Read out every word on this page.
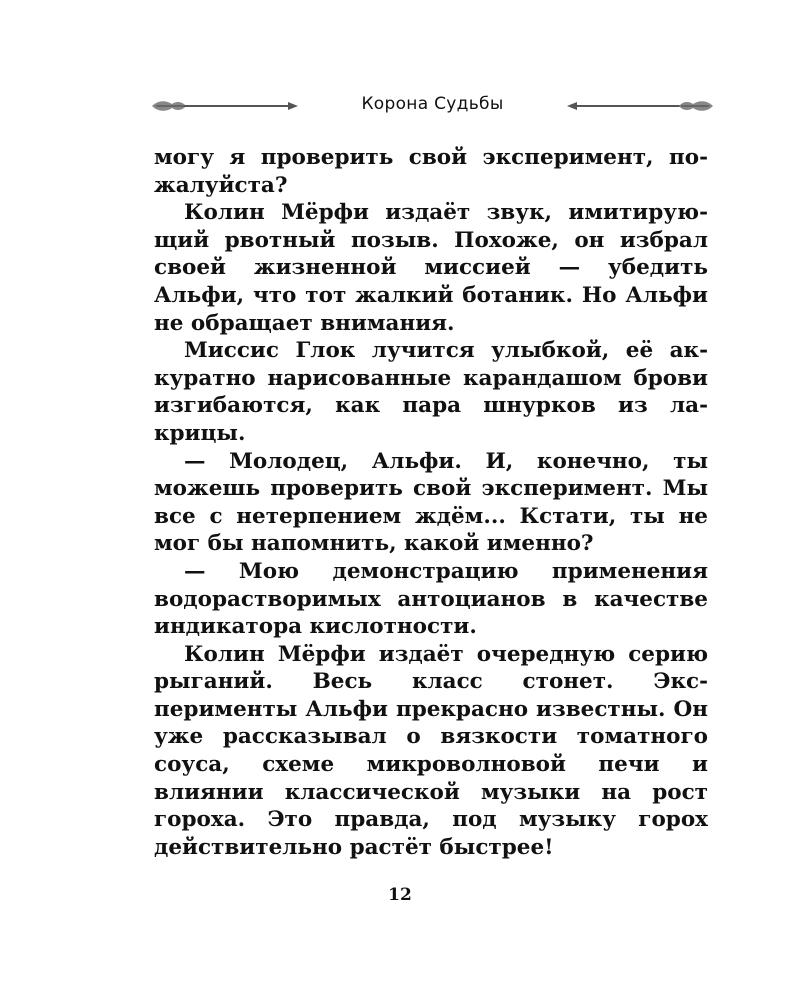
Корона Судьбы

могу я проверить свой эксперимент, пожалуйста?

Колин Мёрфи издаёт звук, имитирующий рвотный позыв. Похоже, он избрал своей жизненной миссией — убедить Альфи, что тот жалкий ботаник. Но Альфи не обращает внимания.

Миссис Глок лучится улыбкой, её аккуратно нарисованные карандашом брови изгибаются, как пара шнурков из лакрицы.

— Молодец, Альфи. И, конечно, ты можешь проверить свой эксперимент. Мы все с нетерпением ждём... Кстати, ты не мог бы напомнить, какой именно?

— Мою демонстрацию применения водорастворимых антоцианов в качестве индикатора кислотности.

Колин Мёрфи издаёт очередную серию рыганий. Весь класс стонет. Эксперименты Альфи прекрасно известны. Он уже рассказывал о вязкости томатного соуса, схеме микроволновой печи и влиянии классической музыки на рост гороха. Это правда, под музыку горох действительно растёт быстрее!

12
